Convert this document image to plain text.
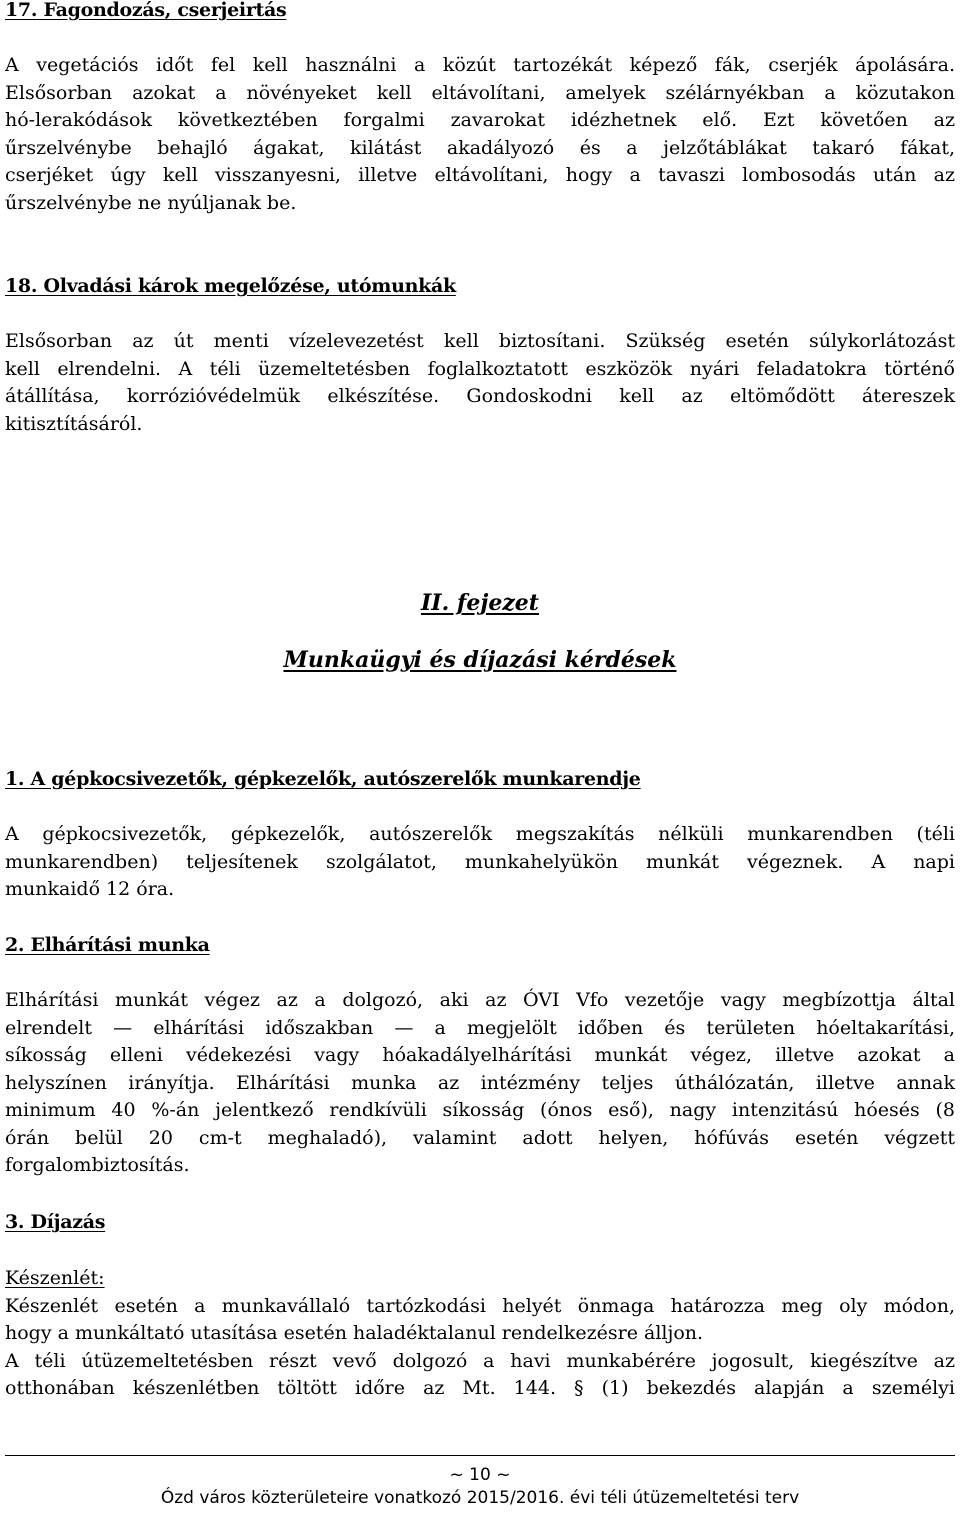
17. Fagondozás, cserjeirtás
A vegetációs időt fel kell használni a közút tartozékát képező fák, cserjék ápolására.
Elsősorban azokat a növényeket kell eltávolítani, amelyek szélárnyékban a közutakon
hó-lerakódások következtében forgalmi zavarokat idézhetnek elő. Ezt követően az
űrszelvénybe behajló ágakat, kilátást akadályozó és a jelzőtáblákat takaró fákat,
cserjéket úgy kell visszanyesni, illetve eltávolítani, hogy a tavaszi lombosodás után az
űrszelvénybe ne nyúljanak be.
18. Olvadási károk megelőzése, utómunkák
Elsősorban az út menti vízelevezetést kell biztosítani. Szükség esetén súlykorlátozást
kell elrendelni. A téli üzemeltetésben foglalkoztatott eszközök nyári feladatokra történő
átállítása, korrózióvédelmük elkészítése. Gondoskodni kell az eltömődött átereszek
kitisztításáról.
II. fejezet
Munkaügyi és díjazási kérdések
1. A gépkocsivezetők, gépkezelők, autószerelők munkarendje
A gépkocsivezetők, gépkezelők, autószerelők megszakítás nélküli munkarendben (téli
munkarendben) teljesítenek szolgálatot, munkahelyükön munkát végeznek. A napi
munkaidő 12 óra.
2. Elhárítási munka
Elhárítási munkát végez az a dolgozó, aki az ÓVI Vfo vezetője vagy megbízottja által
elrendelt — elhárítási időszakban — a megjelölt időben és területen hóeltakarítási,
síkosság elleni védekezési vagy hóakadályelhárítási munkát végez, illetve azokat a
helyszínen irányítja. Elhárítási munka az intézmény teljes úthálózatán, illetve annak
minimum 40 %-án jelentkező rendkívüli síkosság (ónos eső), nagy intenzitású hóesés (8
órán belül 20 cm-t meghaladó), valamint adott helyen, hófúvás esetén végzett
forgalombiztosítás.
3. Díjazás
Készenlét:
Készenlét esetén a munkavállaló tartózkodási helyét önmaga határozza meg oly módon,
hogy a munkáltató utasítása esetén haladéktalanul rendelkezésre álljon.
A téli útüzemeltetésben részt vevő dolgozó a havi munkabérére jogosult, kiegészítve az
otthonában készenlétben töltött időre az Mt. 144. § (1) bekezdés alapján a személyi
~ 10 ~
Ózd város közterületeire vonatkozó 2015/2016. évi téli útüzemeltetési terv
